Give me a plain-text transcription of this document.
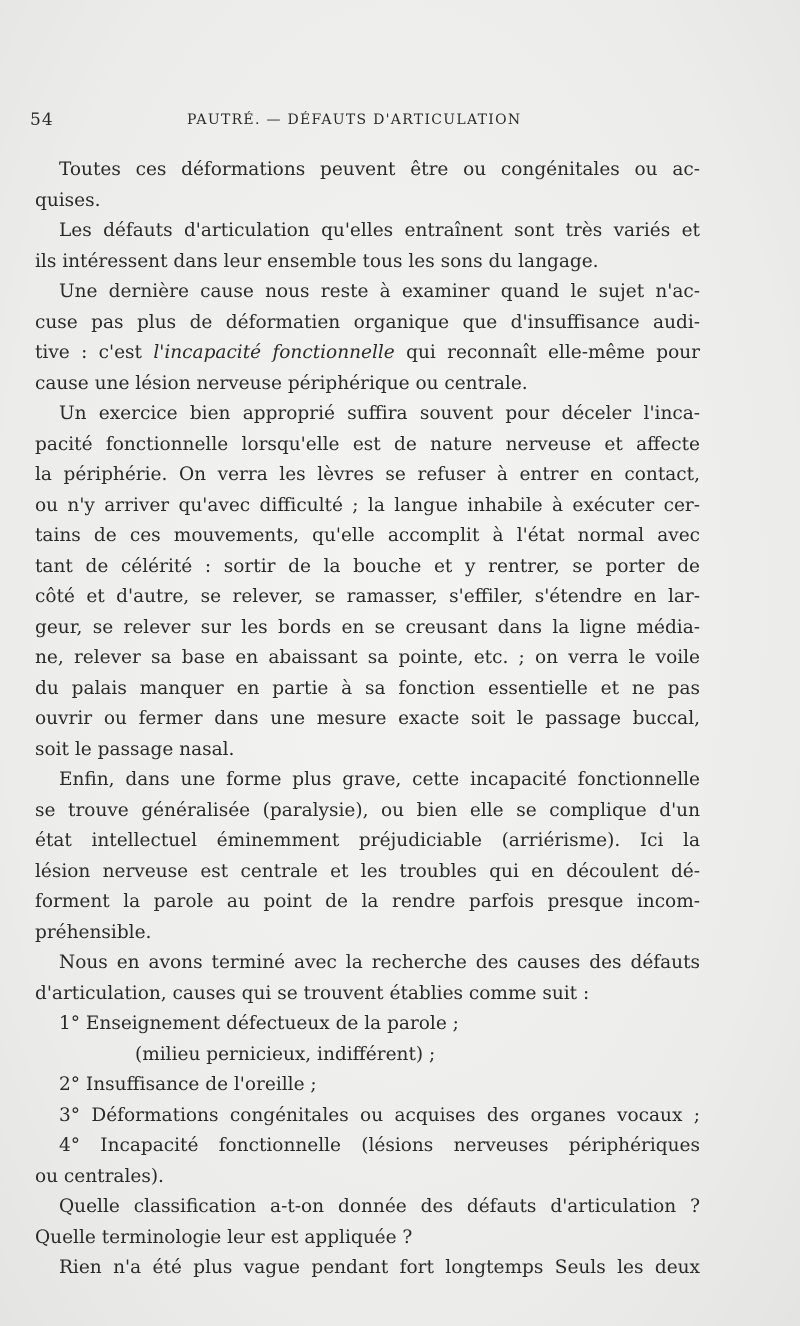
54	PAUTRÉ. — DÉFAUTS D'ARTICULATION
Toutes ces déformations peuvent être ou congénitales ou ac-
quises.
Les défauts d'articulation qu'elles entraînent sont très variés et
ils intéressent dans leur ensemble tous les sons du langage.
Une dernière cause nous reste à examiner quand le sujet n'ac-
cuse pas plus de déformatien organique que d'insuffisance audi-
tive : c'est l'incapacité fonctionnelle qui reconnaît elle-même pour
cause une lésion nerveuse périphérique ou centrale.
Un exercice bien approprié suffira souvent pour déceler l'inca-
pacité fonctionnelle lorsqu'elle est de nature nerveuse et affecte
la périphérie. On verra les lèvres se refuser à entrer en contact,
ou n'y arriver qu'avec difficulté ; la langue inhabile à exécuter cer-
tains de ces mouvements, qu'elle accomplit à l'état normal avec
tant de célérité : sortir de la bouche et y rentrer, se porter de
côté et d'autre, se relever, se ramasser, s'effiler, s'étendre en lar-
geur, se relever sur les bords en se creusant dans la ligne média-
ne, relever sa base en abaissant sa pointe, etc. ; on verra le voile
du palais manquer en partie à sa fonction essentielle et ne pas
ouvrir ou fermer dans une mesure exacte soit le passage buccal,
soit le passage nasal.
Enfin, dans une forme plus grave, cette incapacité fonctionnelle
se trouve généralisée (paralysie), ou bien elle se complique d'un
état intellectuel éminemment préjudiciable (arriérisme). Ici la
lésion nerveuse est centrale et les troubles qui en découlent dé-
forment la parole au point de la rendre parfois presque incom-
préhensible.
Nous en avons terminé avec la recherche des causes des défauts
d'articulation, causes qui se trouvent établies comme suit :
1° Enseignement défectueux de la parole ;
(milieu pernicieux, indifférent) ;
2° Insuffisance de l'oreille ;
3° Déformations congénitales ou acquises des organes vocaux ;
4° Incapacité fonctionnelle (lésions nerveuses périphériques
ou centrales).
Quelle classification a-t-on donnée des défauts d'articulation ?
Quelle terminologie leur est appliquée ?
Rien n'a été plus vague pendant fort longtemps Seuls les deux
